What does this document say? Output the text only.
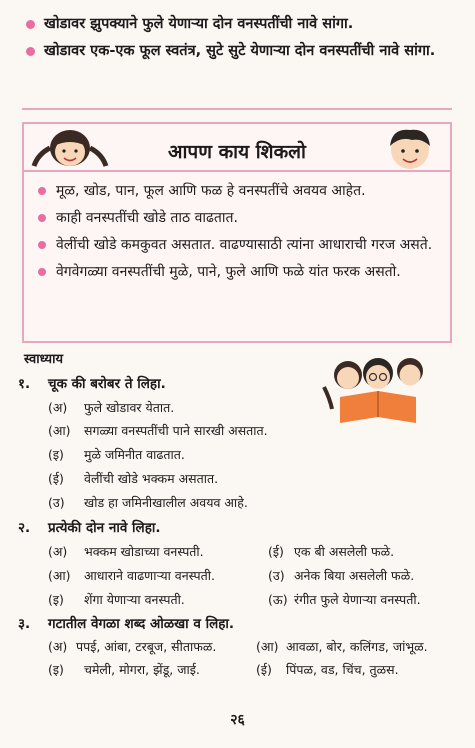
खोडावर झुपक्याने फुले येणाऱ्या दोन वनस्पतींची नावे सांगा.
खोडावर एक-एक फूल स्वतंत्र, सुटे सुटे येणाऱ्या दोन वनस्पतींची नावे सांगा.
आपण काय शिकलो
मूळ, खोड, पान, फूल आणि फळ हे वनस्पतींचे अवयव आहेत.
काही वनस्पतींची खोडे ताठ वाढतात.
वेलींची खोडे कमकुवत असतात. वाढण्यासाठी त्यांना आधाराची गरज असते.
वेगवेगळ्या वनस्पतींची मुळे, पाने, फुले आणि फळे यांत फरक असतो.
स्वाध्याय
१. चूक की बरोबर ते लिहा.
(अ) फुले खोडावर येतात.
(आ) सगळ्या वनस्पतींची पाने सारखी असतात.
(इ) मुळे जमिनीत वाढतात.
(ई) वेलींची खोडे भक्कम असतात.
(उ) खोड हा जमिनीखालील अवयव आहे.
२. प्रत्येकी दोन नावे लिहा.
(अ) भक्कम खोडाच्या वनस्पती.
(आ) आधाराने वाढणाऱ्या वनस्पती.
(इ) शेंगा येणाऱ्या वनस्पती.
(ई) एक बी असलेली फळे.
(उ) अनेक बिया असलेली फळे.
(ऊ) रंगीत फुले येणाऱ्या वनस्पती.
३. गटातील वेगळा शब्द ओळखा व लिहा.
(अ) पपई, आंबा, टरबूज, सीताफळ.	(आ) आवळा, बोर, कलिंगड, जांभूळ.
(इ) चमेली, मोगरा, झेंडू, जाई.	(ई) पिंपळ, वड, चिंच, तुळस.
२६
